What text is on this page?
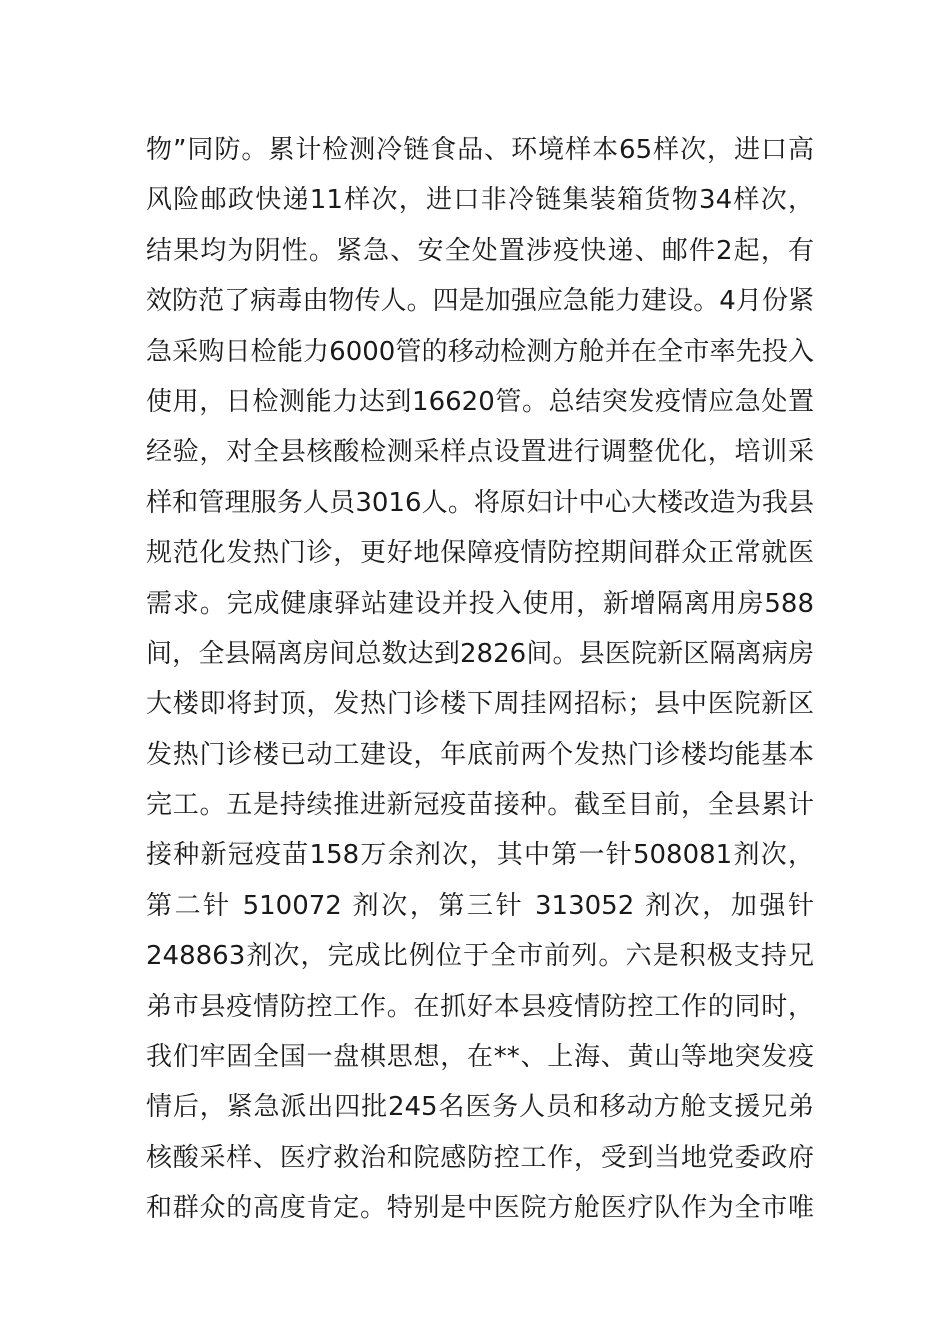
物”同防。累计检测冷链食品、环境样本65样次，进口高
风险邮政快递11样次，进口非冷链集装箱货物34样次，
结果均为阴性。紧急、安全处置涉疫快递、邮件2起，有
效防范了病毒由物传人。四是加强应急能力建设。4月份紧
急采购日检能力6000管的移动检测方舱并在全市率先投入
使用，日检测能力达到16620管。总结突发疫情应急处置
经验，对全县核酸检测采样点设置进行调整优化，培训采
样和管理服务人员3016人。将原妇计中心大楼改造为我县
规范化发热门诊，更好地保障疫情防控期间群众正常就医
需求。完成健康驿站建设并投入使用，新增隔离用房588
间，全县隔离房间总数达到2826间。县医院新区隔离病房
大楼即将封顶，发热门诊楼下周挂网招标；县中医院新区
发热门诊楼已动工建设，年底前两个发热门诊楼均能基本
完工。五是持续推进新冠疫苗接种。截至目前，全县累计
接种新冠疫苗158万余剂次，其中第一针508081剂次，
第二针 510072 剂次，第三针 313052 剂次，加强针
248863剂次，完成比例位于全市前列。六是积极支持兄
弟市县疫情防控工作。在抓好本县疫情防控工作的同时，
我们牢固全国一盘棋思想，在**、上海、黄山等地突发疫
情后，紧急派出四批245名医务人员和移动方舱支援兄弟
核酸采样、医疗救治和院感防控工作，受到当地党委政府
和群众的高度肯定。特别是中医院方舱医疗队作为全市唯
